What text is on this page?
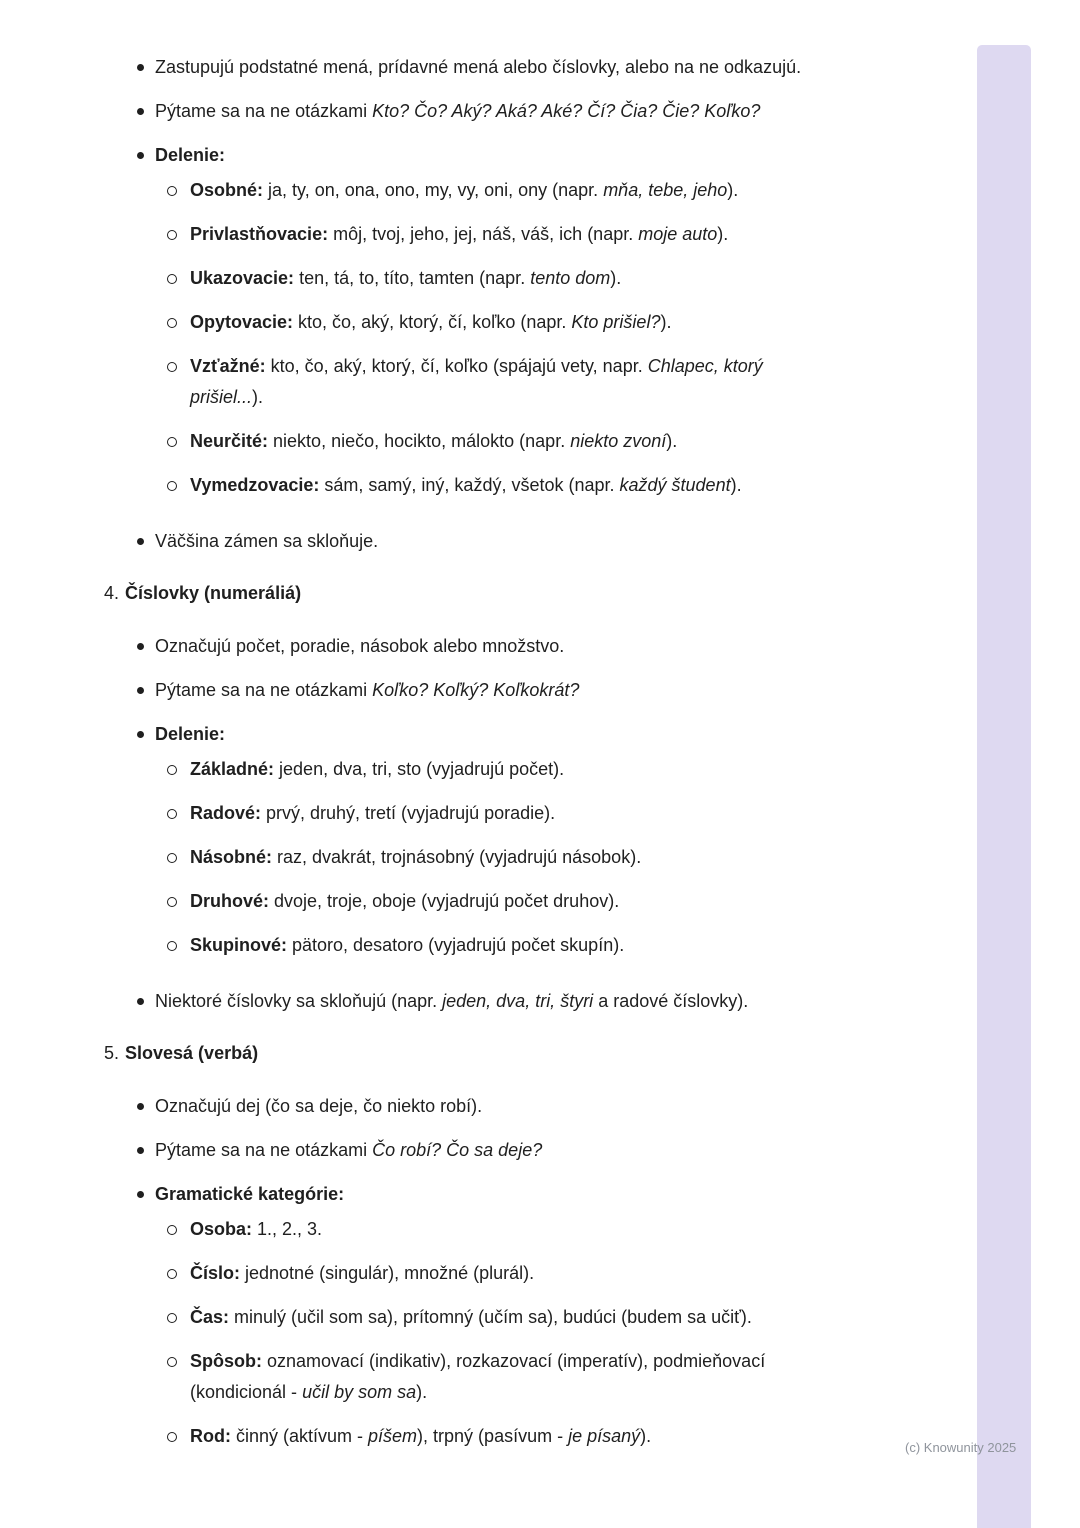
Zastupujú podstatné mená, prídavné mená alebo číslovky, alebo na ne odkazujú.
Pýtame sa na ne otázkami Kto? Čo? Aký? Aká? Aké? Čí? Čia? Čie? Koľko?
Delenie:
Osobné: ja, ty, on, ona, ono, my, vy, oni, ony (napr. mňa, tebe, jeho).
Privlastňovacie: môj, tvoj, jeho, jej, náš, váš, ich (napr. moje auto).
Ukazovacie: ten, tá, to, títo, tamten (napr. tento dom).
Opytovacie: kto, čo, aký, ktorý, čí, koľko (napr. Kto prišiel?).
Vzťažné: kto, čo, aký, ktorý, čí, koľko (spájajú vety, napr. Chlapec, ktorý prišiel...).
Neurčité: niekto, niečo, hocikto, málokto (napr. niekto zvoní).
Vymedzovacie: sám, samý, iný, každý, všetok (napr. každý študent).
Väčšina zámen sa skloňuje.
4. Číslovky (numeráliá)
Označujú počet, poradie, násobok alebo množstvo.
Pýtame sa na ne otázkami Koľko? Koľký? Koľkokrát?
Delenie:
Základné: jeden, dva, tri, sto (vyjadrujú počet).
Radové: prvý, druhý, tretí (vyjadrujú poradie).
Násobné: raz, dvakrát, trojnásobný (vyjadrujú násobok).
Druhové: dvoje, troje, oboje (vyjadrujú počet druhov).
Skupinové: pätoro, desatoro (vyjadrujú počet skupín).
Niektoré číslovky sa skloňujú (napr. jeden, dva, tri, štyri a radové číslovky).
5. Slovesá (verbá)
Označujú dej (čo sa deje, čo niekto robí).
Pýtame sa na ne otázkami Čo robí? Čo sa deje?
Gramatické kategórie:
Osoba: 1., 2., 3.
Číslo: jednotné (singulár), množné (plurál).
Čas: minulý (učil som sa), prítomný (učím sa), budúci (budem sa učiť).
Spôsob: oznamovací (indikativ), rozkazovací (imperatív), podmieňovací (kondicionál - učil by som sa).
Rod: činný (aktívum - píšem), trpný (pasívum - je písaný).
(c) Knowunity 2025
